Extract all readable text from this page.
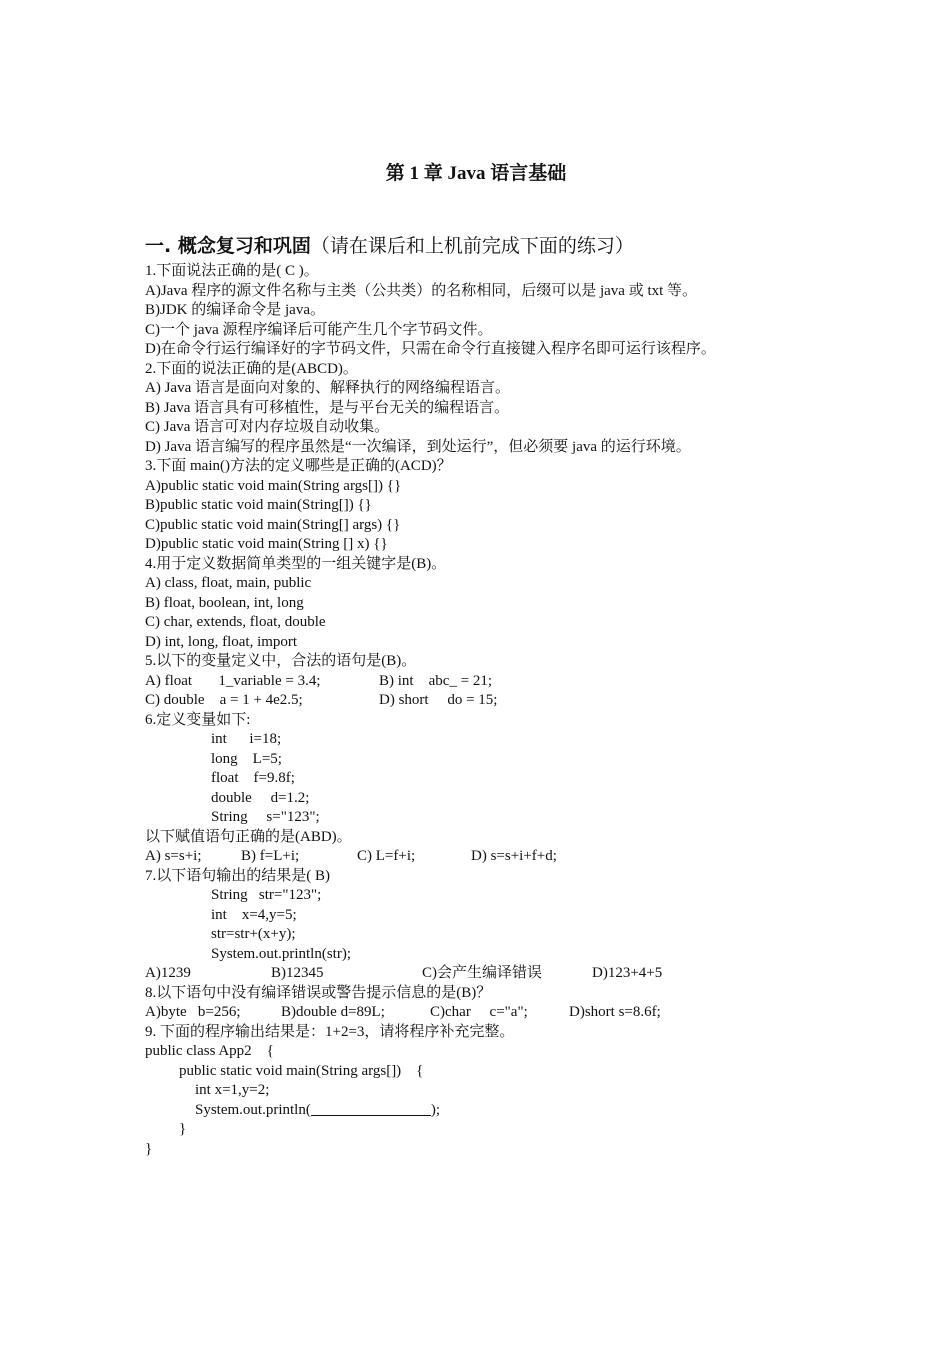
第 1 章 Java 语言基础
一. 概念复习和巩固（请在课后和上机前完成下面的练习）
1.下面说法正确的是( C )。
A)Java 程序的源文件名称与主类（公共类）的名称相同，后缀可以是 java 或 txt 等。
B)JDK 的编译命令是 java。
C)一个 java 源程序编译后可能产生几个字节码文件。
D)在命令行运行编译好的字节码文件，只需在命令行直接键入程序名即可运行该程序。
2.下面的说法正确的是(ABCD)。
A) Java 语言是面向对象的、解释执行的网络编程语言。
B) Java 语言具有可移植性，是与平台无关的编程语言。
C) Java 语言可对内存垃圾自动收集。
D) Java 语言编写的程序虽然是“一次编译，到处运行”，但必须要 java 的运行环境。
3.下面 main()方法的定义哪些是正确的(ACD)？
A)public static void main(String args[]) {}
B)public static void main(String[]) {}
C)public static void main(String[] args) {}
D)public static void main(String [] x) {}
4.用于定义数据简单类型的一组关键字是(B)。
A) class, float, main, public
B) float, boolean, int, long
C) char, extends, float, double
D) int, long, float, import
5.以下的变量定义中，合法的语句是(B)。

A) float       1_variable = 3.4;

	B) int    abc_ = 21;

C) double    a = 1 + 4e2.5;

	D) short     do = 15;

6.定义变量如下:
int      i=18;
long    L=5;
float    f=9.8f;
double     d=1.2;
String     s="123";
以下赋值语句正确的是(ABD)。

A) s=s+i;

	B) f=L+i;

	C) L=f+i;

	D) s=s+i+f+d;

7.以下语句输出的结果是( B)
String   str="123";
int    x=4,y=5;
str=str+(x+y);
System.out.println(str);

A)1239

	B)12345

	C)会产生编译错误

	D)123+4+5

8.以下语句中没有编译错误或警告提示信息的是(B)？

A)byte   b=256;

	B)double d=89L;

	C)char     c="a";

	D)short s=8.6f;

9. 下面的程序输出结果是：1+2=3，请将程序补充完整。
public class App2    {
public static void main(String args[])    {
int x=1,y=2;
System.out.println(	);
}
}
